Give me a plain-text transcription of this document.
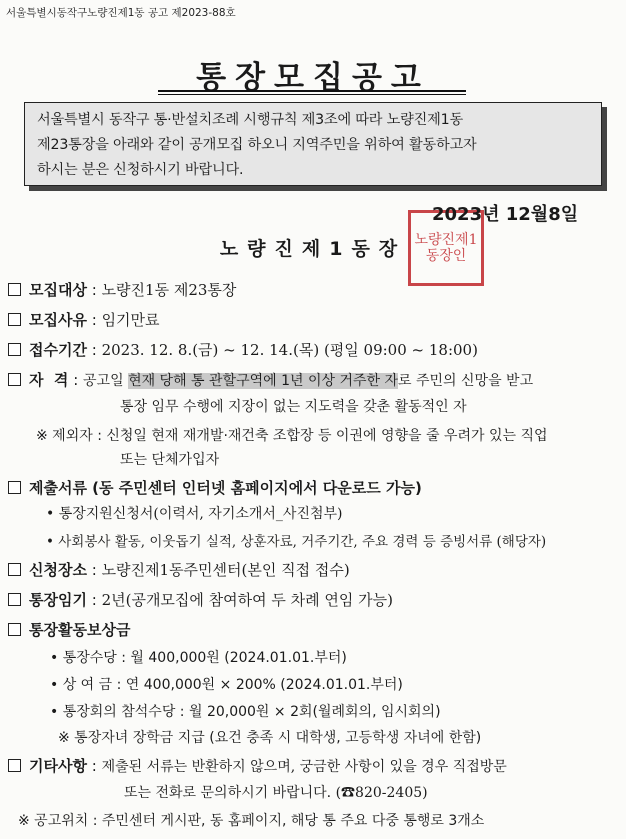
서울특별시동작구노량진제1동 공고 제2023-88호
통장모집공고
서울특별시 동작구 통·반설치조례 시행규칙 제3조에 따라 노량진제1동
제23통장을 아래와 같이 공개모집 하오니 지역주민을 위하여 활동하고자
하시는 분은 신청하시기 바랍니다.
노량진제1동장인
2023년 12월8일
노량진제1동장
모집대상 : 노량진1동 제23통장
모집사유 : 임기만료
접수기간 : 2023. 12. 8.(금) ~ 12. 14.(목) (평일 09:00 ~ 18:00)
자  격 : 공고일 현재 당해 통 관할구역에 1년 이상 거주한 자로 주민의 신망을 받고
통장 임무 수행에 지장이 없는 지도력을 갖춘 활동적인 자
※ 제외자 : 신청일 현재 재개발·재건축 조합장 등 이권에 영향을 줄 우려가 있는 직업
또는 단체가입자
제출서류 (동 주민센터 인터넷 홈페이지에서 다운로드 가능)
• 통장지원신청서(이력서, 자기소개서_사진첨부)
• 사회봉사 활동, 이웃돕기 실적, 상훈자료, 거주기간, 주요 경력 등 증빙서류 (해당자)
신청장소 : 노량진제1동주민센터(본인 직접 접수)
통장임기 : 2년(공개모집에 참여하여 두 차례 연임 가능)
통장활동보상금
• 통장수당 : 월 400,000원 (2024.01.01.부터)
• 상 여 금 : 연 400,000원 × 200% (2024.01.01.부터)
• 통장회의 참석수당 : 월 20,000원 × 2회(월례회의, 임시회의)
※ 통장자녀 장학금 지급 (요건 충족 시 대학생, 고등학생 자녀에 한함)
기타사항 : 제출된 서류는 반환하지 않으며, 궁금한 사항이 있을 경우 직접방문
또는 전화로 문의하시기 바랍니다. (☎820-2405)
※ 공고위치 : 주민센터 게시판, 동 홈페이지, 해당 통 주요 다중 통행로 3개소
